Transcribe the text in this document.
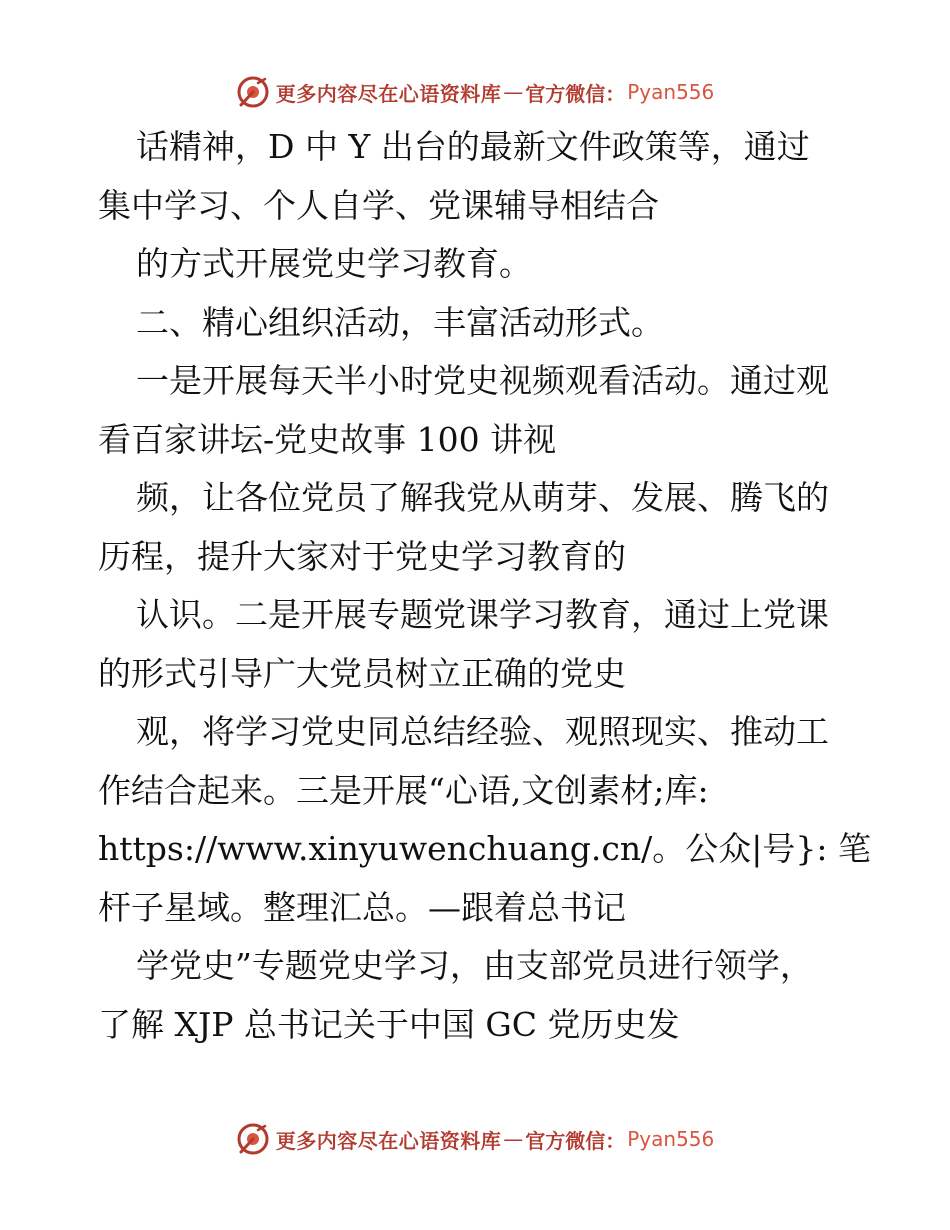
更多内容尽在心语资料库 — 官方微信： Pyan556
话精神，D 中 Y 出台的最新文件政策等，通过
集中学习、个人自学、党课辅导相结合
的方式开展党史学习教育。
二、精心组织活动，丰富活动形式。
一是开展每天半小时党史视频观看活动。通过观
看百家讲坛-党史故事 100 讲视
频，让各位党员了解我党从萌芽、发展、腾飞的
历程，提升大家对于党史学习教育的
认识。二是开展专题党课学习教育，通过上党课
的形式引导广大党员树立正确的党史
观，将学习党史同总结经验、观照现实、推动工
作结合起来。三是开展“心语,文创素材;库:
https://www.xinyuwenchuang.cn/。公众|号}: 笔
杆子星域。整理汇总。—跟着总书记
学党史”专题党史学习，由支部党员进行领学，
了解 XJP 总书记关于中国 GC 党历史发
更多内容尽在心语资料库 — 官方微信： Pyan556
